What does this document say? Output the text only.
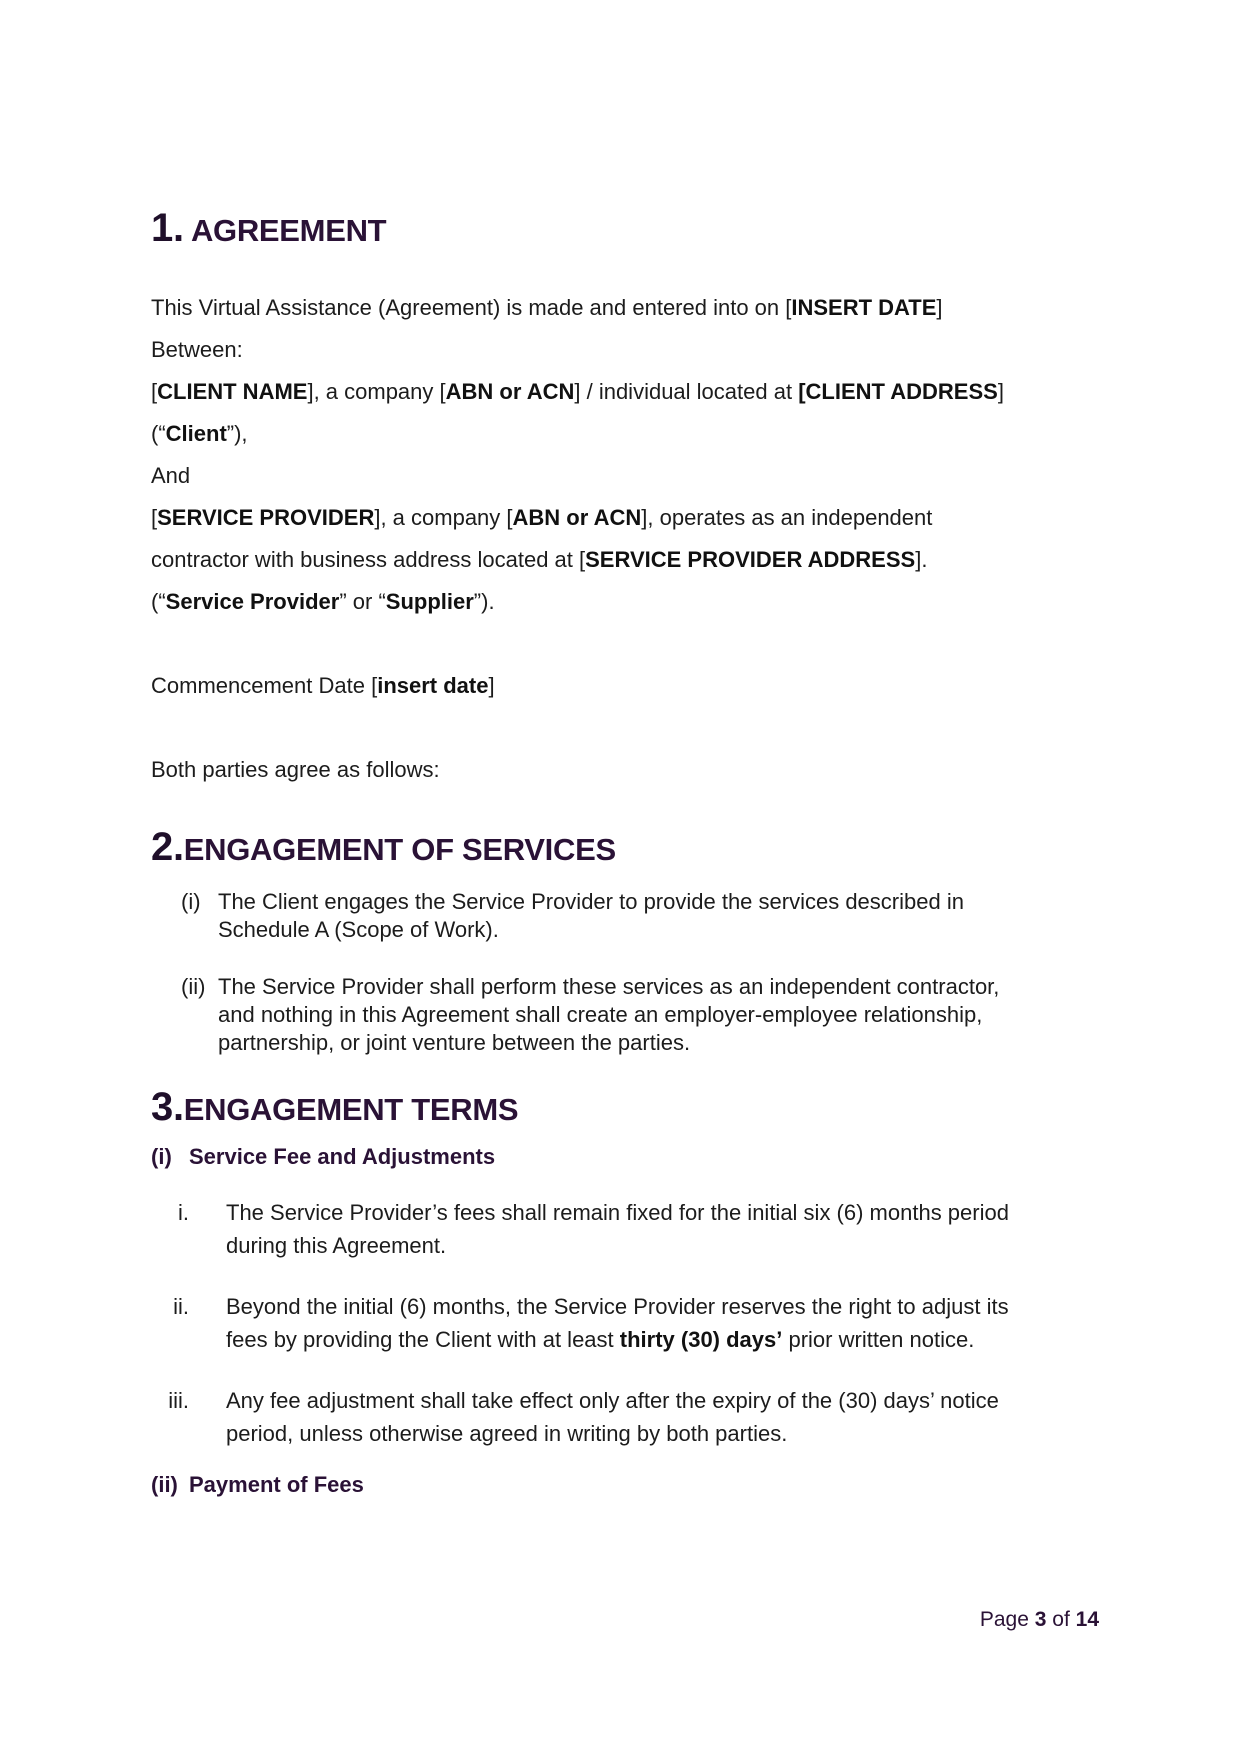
1. AGREEMENT

This Virtual Assistance (Agreement) is made and entered into on [INSERT DATE]

Between:

[CLIENT NAME], a company [ABN or ACN] / individual located at [CLIENT ADDRESS]

(“Client”),

And

[SERVICE PROVIDER], a company [ABN or ACN], operates as an independent

contractor with business address located at [SERVICE PROVIDER ADDRESS].

(“Service Provider” or “Supplier”).

Commencement Date [insert date]

Both parties agree as follows:

2.ENGAGEMENT OF SERVICES
(i) The Client engages the Service Provider to provide the services described in
Schedule A (Scope of Work).
(ii) The Service Provider shall perform these services as an independent contractor,
and nothing in this Agreement shall create an employer-employee relationship,
partnership, or joint venture between the parties.
3.ENGAGEMENT TERMS

(i) Service Fee and Adjustments

i. The Service Provider’s fees shall remain fixed for the initial six (6) months period
during this Agreement.
ii. Beyond the initial (6) months, the Service Provider reserves the right to adjust its
fees by providing the Client with at least thirty (30) days’ prior written notice.
iii. Any fee adjustment shall take effect only after the expiry of the (30) days’ notice
period, unless otherwise agreed in writing by both parties.

(ii) Payment of Fees

Page 3 of 14
